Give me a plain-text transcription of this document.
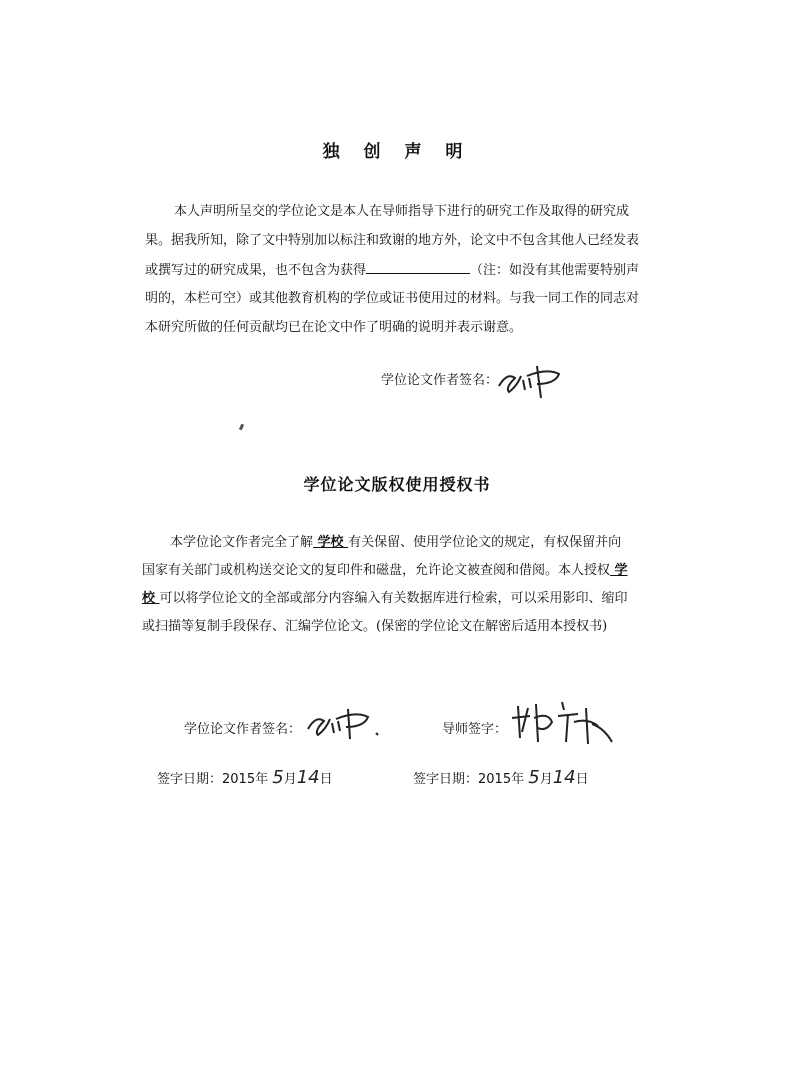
独 创 声 明
本人声明所呈交的学位论文是本人在导师指导下进行的研究工作及取得的研究成
果。据我所知，除了文中特别加以标注和致谢的地方外，论文中不包含其他人已经发表
或撰写过的研究成果，也不包含为获得	（注：如没有其他需要特别声
明的，本栏可空）或其他教育机构的学位或证书使用过的材料。与我一同工作的同志对
本研究所做的任何贡献均已在论文中作了明确的说明并表示谢意。
学位论文作者签名：
学位论文版权使用授权书
本学位论文作者完全了解 学校 有关保留、使用学位论文的规定，有权保留并向
国家有关部门或机构送交论文的复印件和磁盘，允许论文被查阅和借阅。本人授权 学
校 可以将学位论文的全部或部分内容编入有关数据库进行检索，可以采用影印、缩印
或扫描等复制手段保存、汇编学位论文。(保密的学位论文在解密后适用本授权书)
学位论文作者签名：	导师签字：
签字日期：2015年 5月14日	签字日期：2015年 5月14日
